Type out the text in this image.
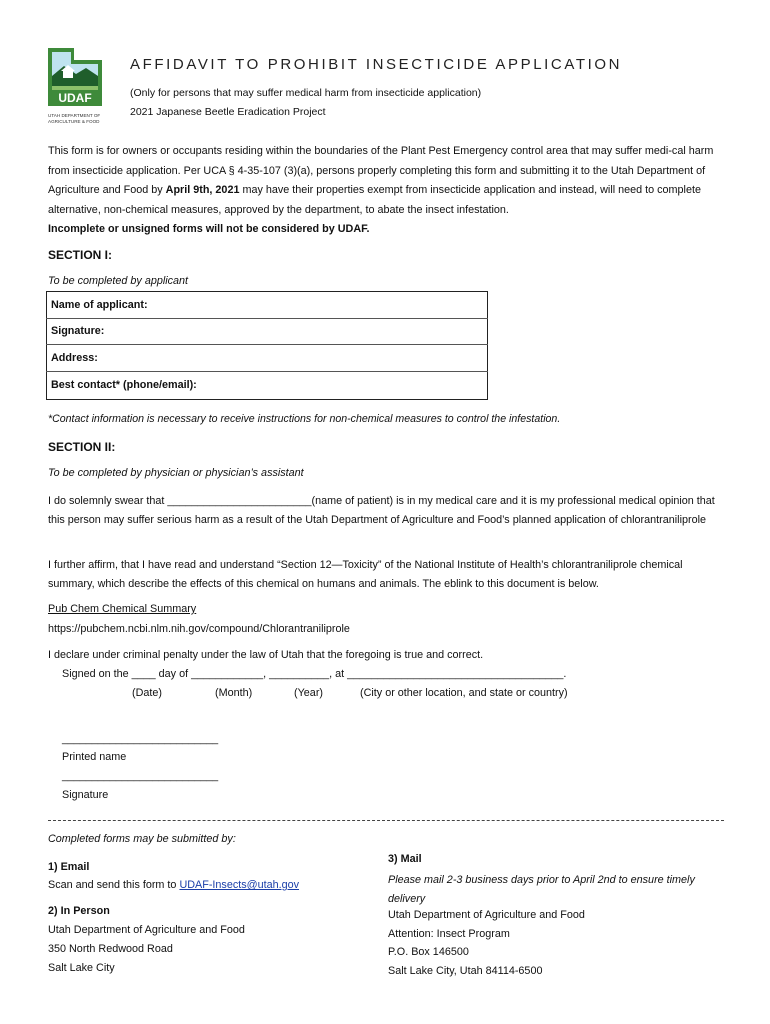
UDAF
UTAH DEPARTMENT OF
AGRICULTURE & FOOD
AFFIDAVIT TO PROHIBIT INSECTICIDE APPLICATION
(Only for persons that may suffer medical harm from insecticide application)
2021 Japanese Beetle Eradication Project
This form is for owners or occupants residing within the boundaries of the Plant Pest Emergency control area that may suffer medi-cal harm from insecticide application. Per UCA § 4-35-107 (3)(a), persons properly completing this form and submitting it to the Utah Department of Agriculture and Food by April 9th, 2021 may have their properties exempt from insecticide application and instead, will need to complete alternative, non-chemical measures, approved by the department, to abate the insect infestation.
Incomplete or unsigned forms will not be considered by UDAF.
SECTION I:
To be completed by applicant
Name of applicant:
Signature:
Address:
Best contact* (phone/email):
*Contact information is necessary to receive instructions for non-chemical measures to control the infestation.
SECTION II:
To be completed by physician or physician’s assistant
I do solemnly swear that ________________________(name of patient) is in my medical care and it is my professional medical opinion that this person may suffer serious harm as a result of the Utah Department of Agriculture and Food’s planned application of chlorantraniliprole
I further affirm, that I have read and understand “Section 12—Toxicity” of the National Institute of Health’s chlorantraniliprole chemical summary, which describe the effects of this chemical on humans and animals. The eblink to this document is below.
Pub Chem Chemical Summary
https://pubchem.ncbi.nlm.nih.gov/compound/Chlorantraniliprole
I declare under criminal penalty under the law of Utah that the foregoing is true and correct.
Signed on the ____ day of ____________, __________, at ____________________________________.
(Date)	(Month)	(Year)	(City or other location, and state or country)
__________________________
Printed name
__________________________
Signature
Completed forms may be submitted by:
1) Email
Scan and send this form to UDAF-Insects@utah.gov
2) In Person
Utah Department of Agriculture and Food
350 North Redwood Road
Salt Lake City
3) Mail
Please mail 2-3 business days prior to April 2nd to ensure timely delivery
Utah Department of Agriculture and Food
Attention: Insect Program
P.O. Box 146500
Salt Lake City, Utah 84114-6500
